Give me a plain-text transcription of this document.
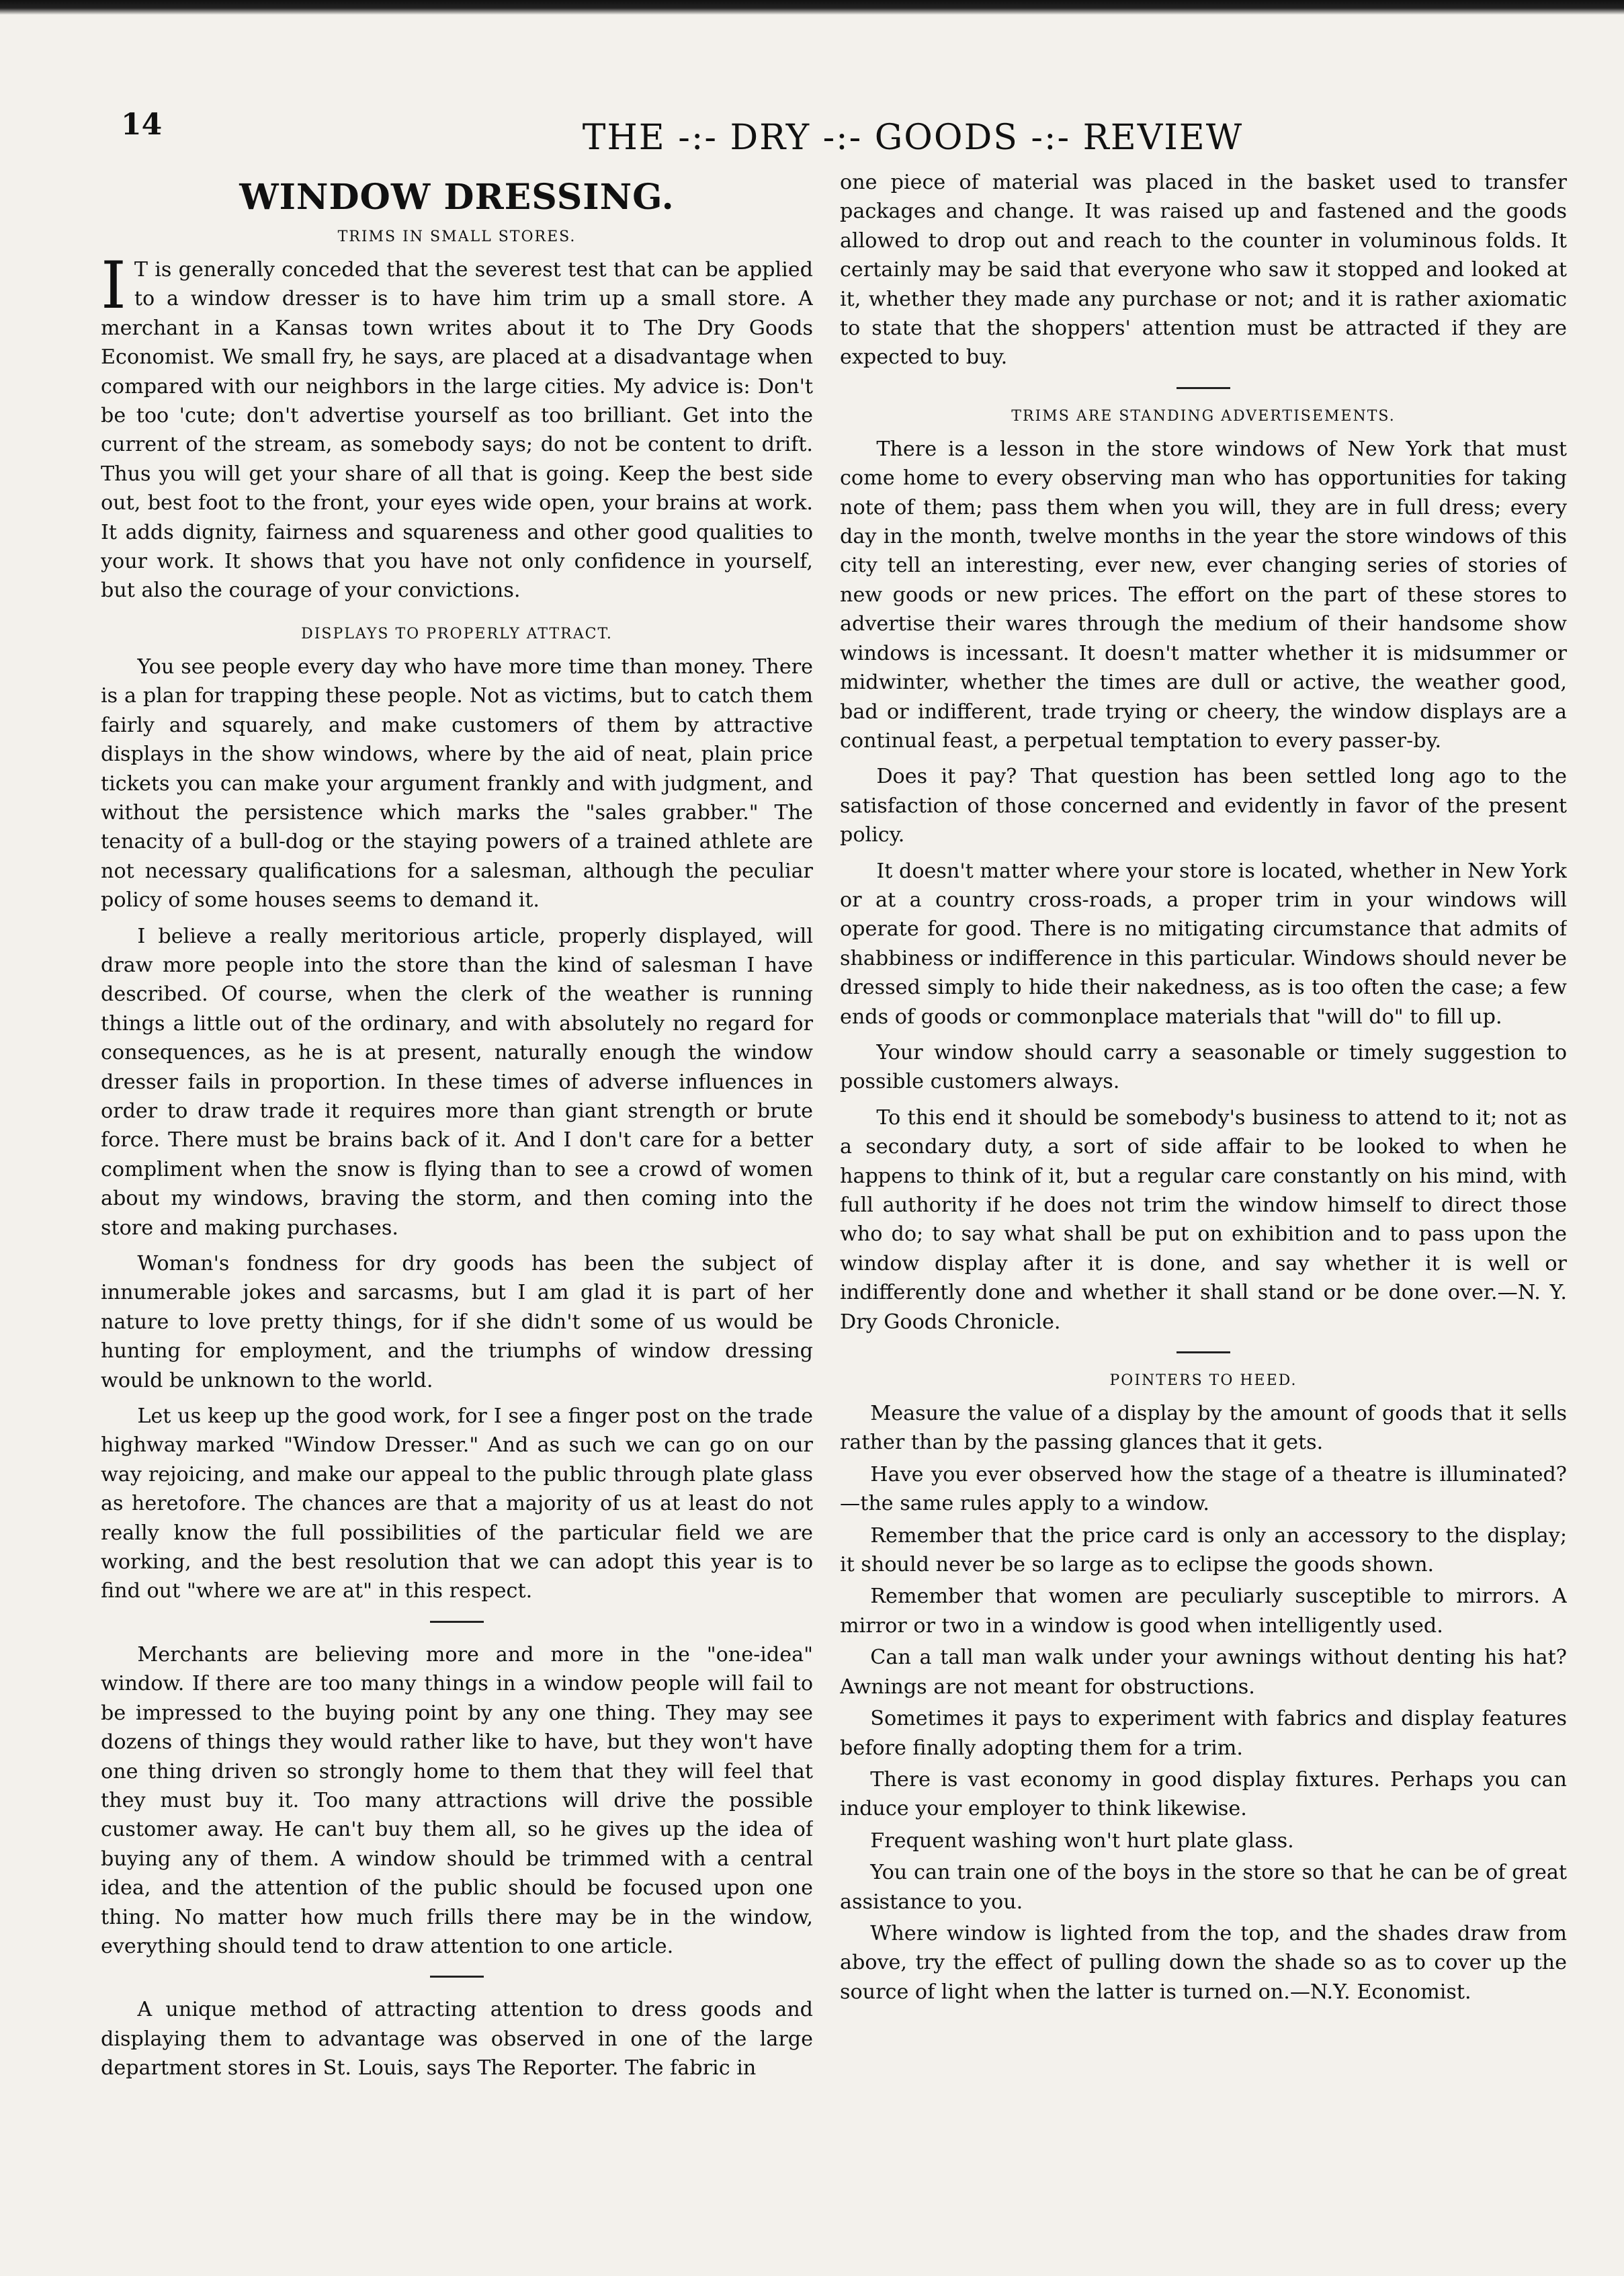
14	THE -:- DRY -:- GOODS -:- REVIEW
WINDOW DRESSING.
TRIMS IN SMALL STORES.

I T is generally conceded that the severest test that can be applied to a window dresser is to have him trim up a small store. A merchant in a Kansas town writes about it to The Dry Goods Economist. We small fry, he says, are placed at a disadvantage when compared with our neighbors in the large cities. My advice is: Don't be too 'cute; don't advertise yourself as too brilliant. Get into the current of the stream, as somebody says; do not be content to drift. Thus you will get your share of all that is going. Keep the best side out, best foot to the front, your eyes wide open, your brains at work. It adds dignity, fairness and squareness and other good qualities to your work. It shows that you have not only confidence in yourself, but also the courage of your convictions.

DISPLAYS TO PROPERLY ATTRACT.

You see people every day who have more time than money. There is a plan for trapping these people. Not as victims, but to catch them fairly and squarely, and make customers of them by attractive displays in the show windows, where by the aid of neat, plain price tickets you can make your argument frankly and with judgment, and without the persistence which marks the "sales grabber." The tenacity of a bull-dog or the staying powers of a trained athlete are not necessary qualifications for a salesman, although the peculiar policy of some houses seems to demand it.

I believe a really meritorious article, properly displayed, will draw more people into the store than the kind of salesman I have described. Of course, when the clerk of the weather is running things a little out of the ordinary, and with absolutely no regard for consequences, as he is at present, naturally enough the window dresser fails in proportion. In these times of adverse influences in order to draw trade it requires more than giant strength or brute force. There must be brains back of it. And I don't care for a better compliment when the snow is flying than to see a crowd of women about my windows, braving the storm, and then coming into the store and making purchases.

Woman's fondness for dry goods has been the subject of innumerable jokes and sarcasms, but I am glad it is part of her nature to love pretty things, for if she didn't some of us would be hunting for employment, and the triumphs of window dressing would be unknown to the world.

Let us keep up the good work, for I see a finger post on the trade highway marked "Window Dresser." And as such we can go on our way rejoicing, and make our appeal to the public through plate glass as heretofore. The chances are that a majority of us at least do not really know the full possibilities of the particular field we are working, and the best resolution that we can adopt this year is to find out "where we are at" in this respect.

Merchants are believing more and more in the "one-idea" window. If there are too many things in a window people will fail to be impressed to the buying point by any one thing. They may see dozens of things they would rather like to have, but they won't have one thing driven so strongly home to them that they will feel that they must buy it. Too many attractions will drive the possible customer away. He can't buy them all, so he gives up the idea of buying any of them. A window should be trimmed with a central idea, and the attention of the public should be focused upon one thing. No matter how much frills there may be in the window, everything should tend to draw attention to one article.

A unique method of attracting attention to dress goods and displaying them to advantage was observed in one of the large department stores in St. Louis, says The Reporter. The fabric in

one piece of material was placed in the basket used to transfer packages and change. It was raised up and fastened and the goods allowed to drop out and reach to the counter in voluminous folds. It certainly may be said that everyone who saw it stopped and looked at it, whether they made any purchase or not; and it is rather axiomatic to state that the shoppers' attention must be attracted if they are expected to buy.

TRIMS ARE STANDING ADVERTISEMENTS.

There is a lesson in the store windows of New York that must come home to every observing man who has opportunities for taking note of them; pass them when you will, they are in full dress; every day in the month, twelve months in the year the store windows of this city tell an interesting, ever new, ever changing series of stories of new goods or new prices. The effort on the part of these stores to advertise their wares through the medium of their handsome show windows is incessant. It doesn't matter whether it is midsummer or midwinter, whether the times are dull or active, the weather good, bad or indifferent, trade trying or cheery, the window displays are a continual feast, a perpetual temptation to every passer-by.

Does it pay? That question has been settled long ago to the satisfaction of those concerned and evidently in favor of the present policy.

It doesn't matter where your store is located, whether in New York or at a country cross-roads, a proper trim in your windows will operate for good. There is no mitigating circumstance that admits of shabbiness or indifference in this particular. Windows should never be dressed simply to hide their nakedness, as is too often the case; a few ends of goods or commonplace materials that "will do" to fill up.

Your window should carry a seasonable or timely suggestion to possible customers always.

To this end it should be somebody's business to attend to it; not as a secondary duty, a sort of side affair to be looked to when he happens to think of it, but a regular care constantly on his mind, with full authority if he does not trim the window himself to direct those who do; to say what shall be put on exhibition and to pass upon the window display after it is done, and say whether it is well or indifferently done and whether it shall stand or be done over.—N. Y. Dry Goods Chronicle.

POINTERS TO HEED.

Measure the value of a display by the amount of goods that it sells rather than by the passing glances that it gets.

Have you ever observed how the stage of a theatre is illuminated?—the same rules apply to a window.

Remember that the price card is only an accessory to the display; it should never be so large as to eclipse the goods shown.

Remember that women are peculiarly susceptible to mirrors. A mirror or two in a window is good when intelligently used.

Can a tall man walk under your awnings without denting his hat? Awnings are not meant for obstructions.

Sometimes it pays to experiment with fabrics and display features before finally adopting them for a trim.

There is vast economy in good display fixtures. Perhaps you can induce your employer to think likewise.

Frequent washing won't hurt plate glass.

You can train one of the boys in the store so that he can be of great assistance to you.

Where window is lighted from the top, and the shades draw from above, try the effect of pulling down the shade so as to cover up the source of light when the latter is turned on.—N.Y. Economist.
